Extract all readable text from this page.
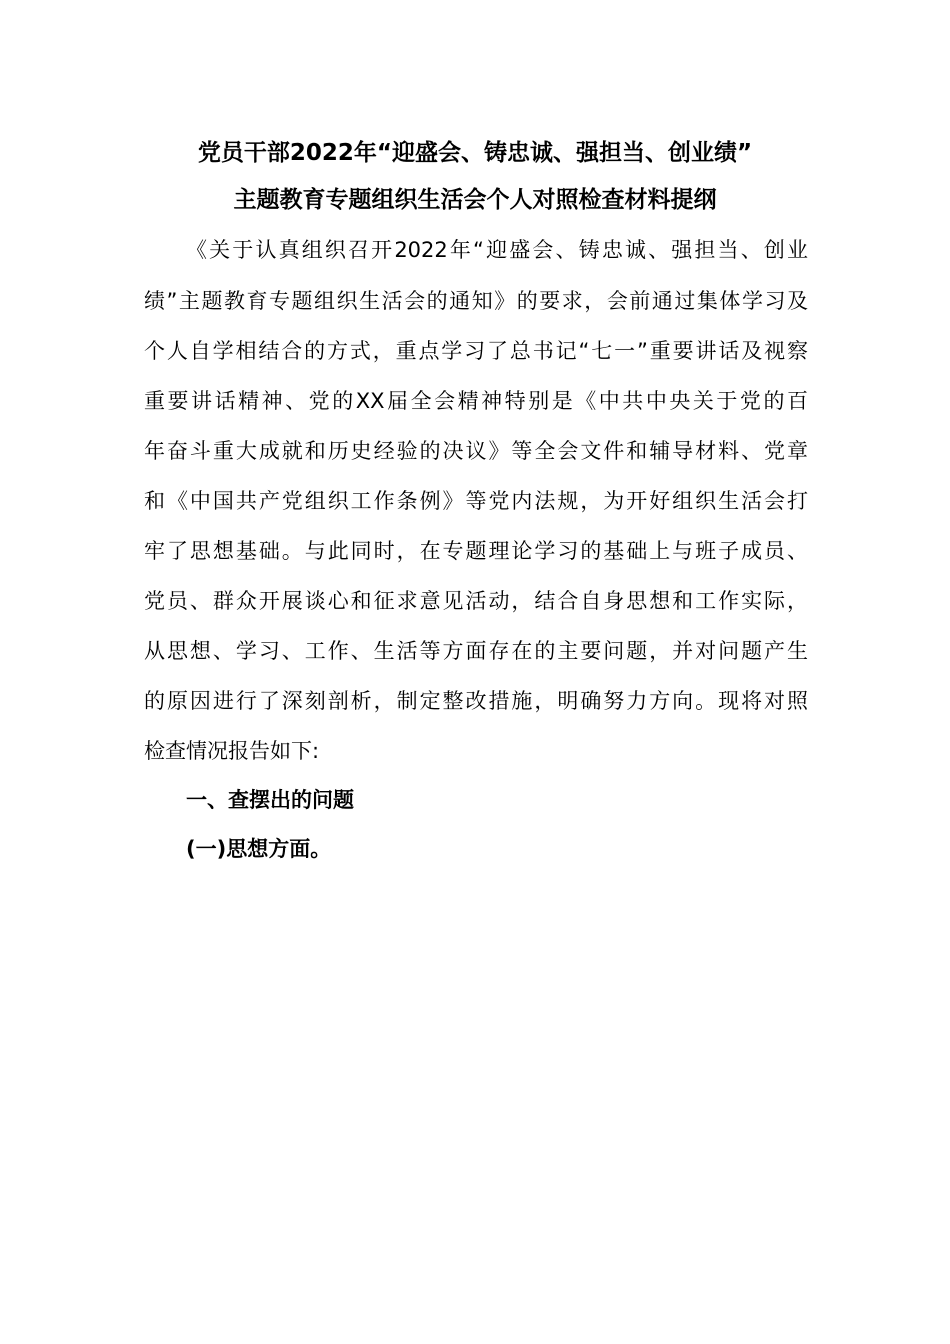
党员干部2022年“迎盛会、铸忠诚、强担当、创业绩”
主题教育专题组织生活会个人对照检查材料提纲
《关于认真组织召开2022年“迎盛会、铸忠诚、强担当、创业
绩”主题教育专题组织生活会的通知》的要求，会前通过集体学习及
个人自学相结合的方式，重点学习了总书记“七一”重要讲话及视察
重要讲话精神、党的XX届全会精神特别是《中共中央关于党的百
年奋斗重大成就和历史经验的决议》等全会文件和辅导材料、党章
和《中国共产党组织工作条例》等党内法规，为开好组织生活会打
牢了思想基础。与此同时，在专题理论学习的基础上与班子成员、
党员、群众开展谈心和征求意见活动，结合自身思想和工作实际，
从思想、学习、工作、生活等方面存在的主要问题，并对问题产生
的原因进行了深刻剖析，制定整改措施，明确努力方向。现将对照
检查情况报告如下:
一、查摆出的问题
(一)思想方面。
